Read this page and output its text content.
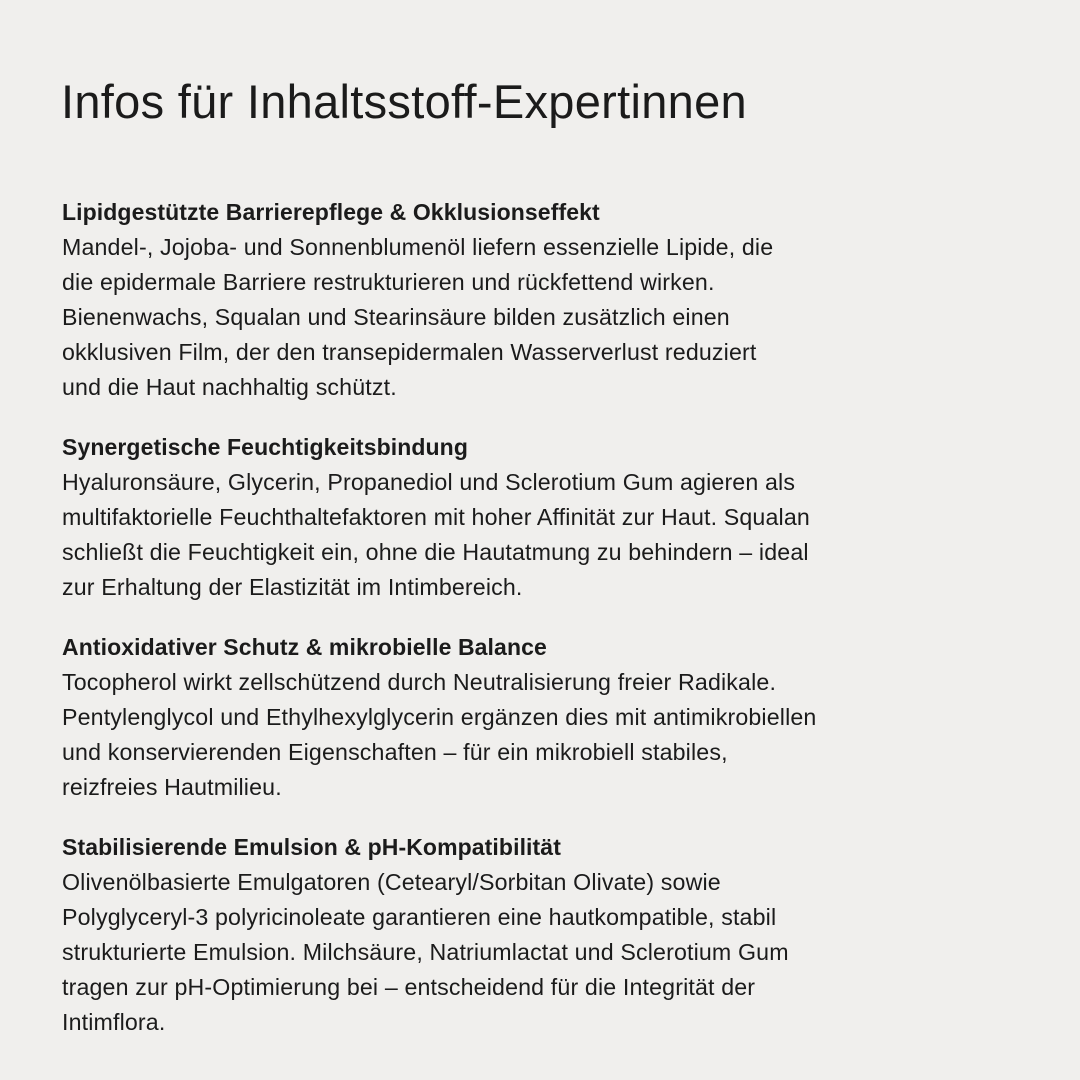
Infos für Inhaltsstoff-Expertinnen
Lipidgestützte Barrierepflege & Okklusionseffekt
Mandel-, Jojoba- und Sonnenblumenöl liefern essenzielle Lipide, die
die epidermale Barriere restrukturieren und rückfettend wirken.
Bienenwachs, Squalan und Stearinsäure bilden zusätzlich einen
okklusiven Film, der den transepidermalen Wasserverlust reduziert
und die Haut nachhaltig schützt.
Synergetische Feuchtigkeitsbindung
Hyaluronsäure, Glycerin, Propanediol und Sclerotium Gum agieren als
multifaktorielle Feuchthaltefaktoren mit hoher Affinität zur Haut. Squalan
schließt die Feuchtigkeit ein, ohne die Hautatmung zu behindern – ideal
zur Erhaltung der Elastizität im Intimbereich.
Antioxidativer Schutz & mikrobielle Balance
Tocopherol wirkt zellschützend durch Neutralisierung freier Radikale.
Pentylenglycol und Ethylhexylglycerin ergänzen dies mit antimikrobiellen
und konservierenden Eigenschaften – für ein mikrobiell stabiles,
reizfreies Hautmilieu.
Stabilisierende Emulsion & pH-Kompatibilität
Olivenölbasierte Emulgatoren (Cetearyl/Sorbitan Olivate) sowie
Polyglyceryl-3 polyricinoleate garantieren eine hautkompatible, stabil
strukturierte Emulsion. Milchsäure, Natriumlactat und Sclerotium Gum
tragen zur pH-Optimierung bei – entscheidend für die Integrität der
Intimflora.
